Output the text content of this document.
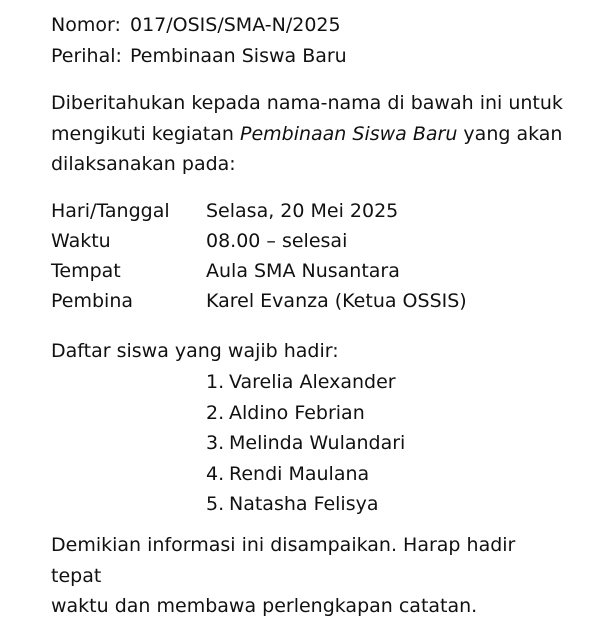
Nomor: 017/OSIS/SMA-N/2025
Perihal: Pembinaan Siswa Baru
Diberitahukan kepada nama-nama di bawah ini untuk
mengikuti kegiatan Pembinaan Siswa Baru yang akan
dilaksanakan pada:
Hari/Tanggal Selasa, 20 Mei 2025
Waktu	08.00 – selesai
Tempat	Aula SMA Nusantara
Pembina	Karel Evanza (Ketua OSSIS)
Daftar siswa yang wajib hadir:
1. Varelia Alexander
2. Aldino Febrian
3. Melinda Wulandari
4. Rendi Maulana
5. Natasha Felisya
Demikian informasi ini disampaikan. Harap hadir tepat
waktu dan membawa perlengkapan catatan.
